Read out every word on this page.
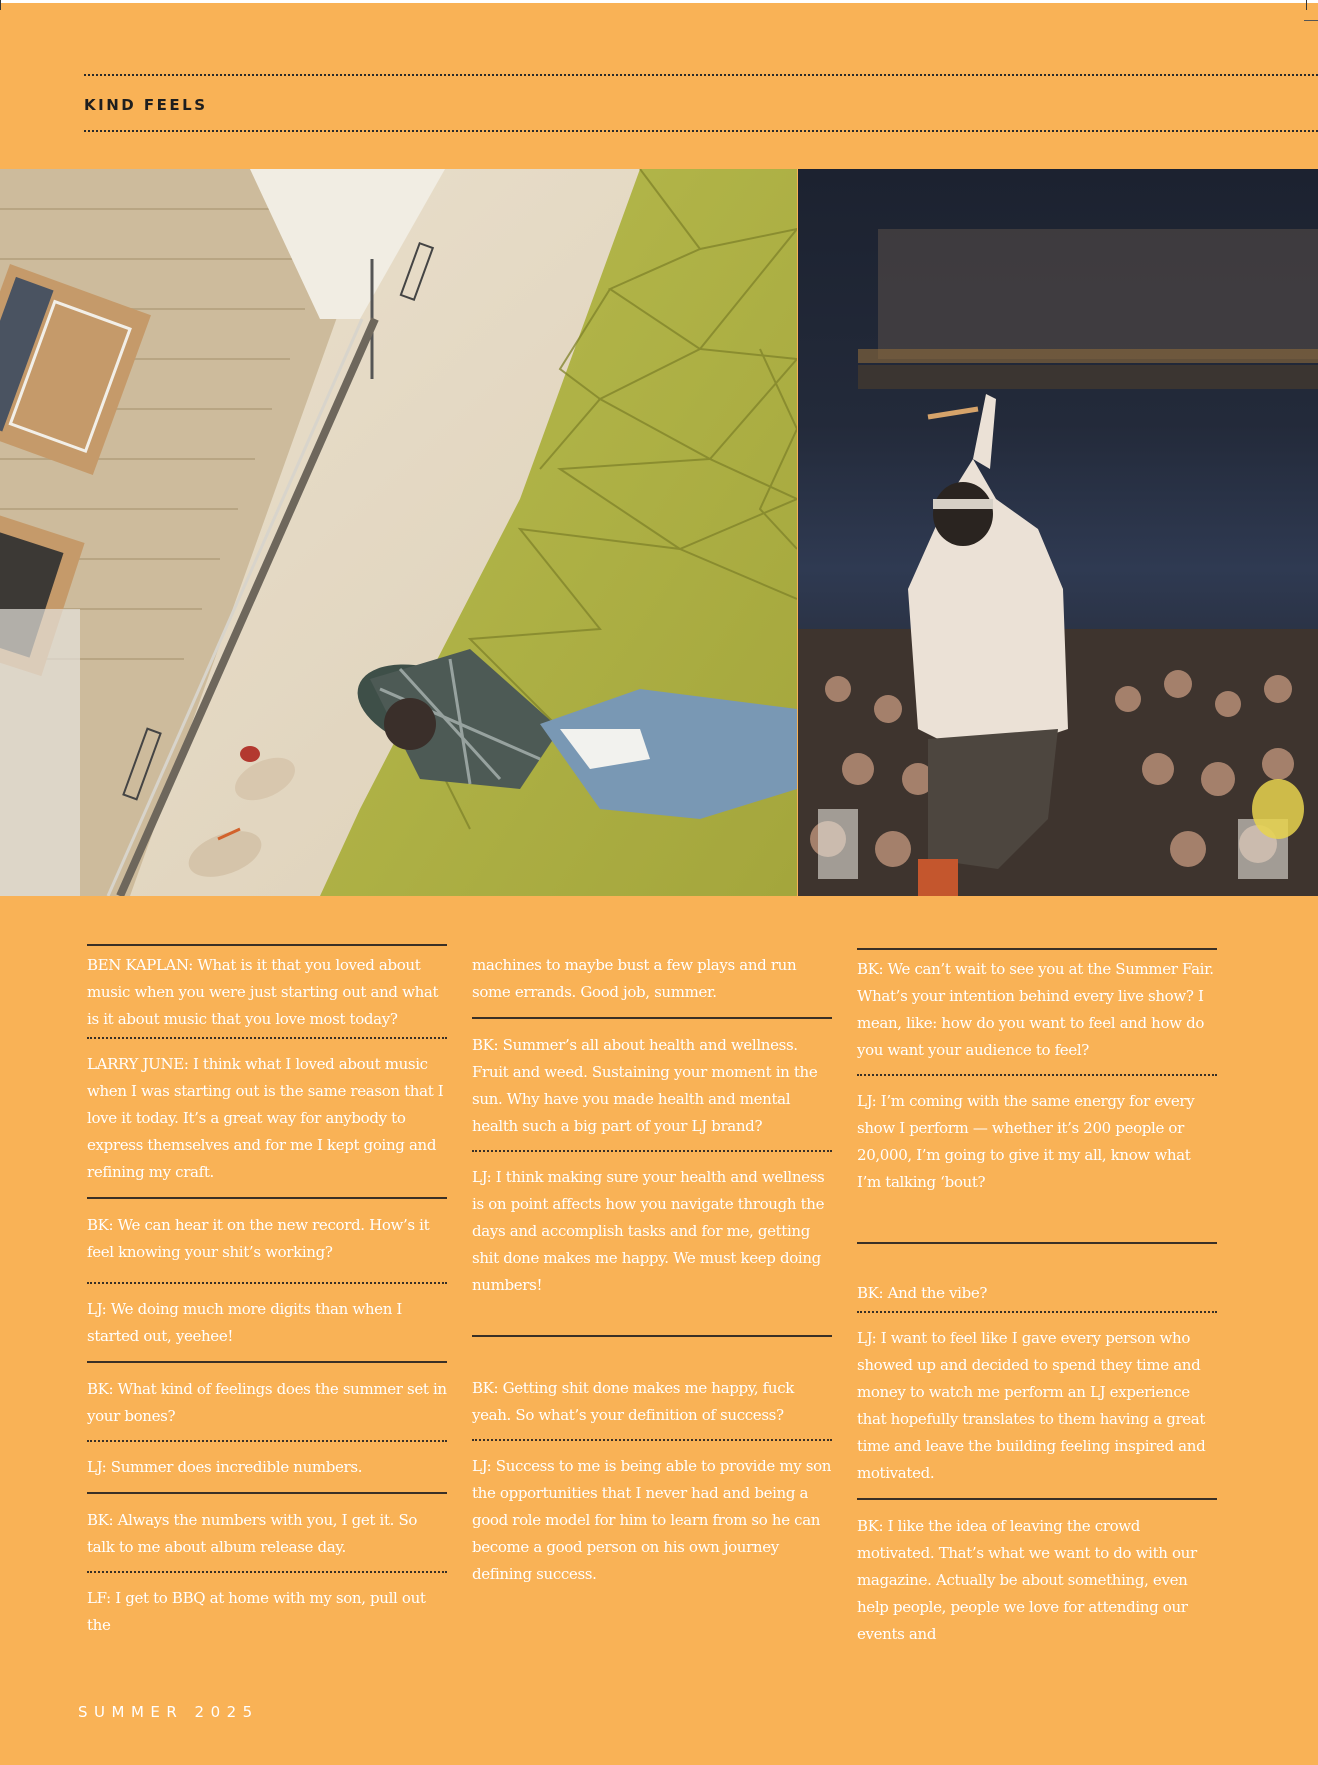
KIND FEELS

BEN KAPLAN: What is it that you loved about music when you were just starting out and what is it about music that you love most today?

LARRY JUNE: I think what I loved about music when I was starting out is the same reason that I love it today. It’s a great way for anybody to express themselves and for me I kept going and refining my craft.

BK: We can hear it on the new record. How’s it feel knowing your shit’s working?

LJ: We doing much more digits than when I started out, yeehee!

BK: What kind of feelings does the summer set in your bones?

LJ: Summer does incredible numbers.

BK: Always the numbers with you, I get it. So talk to me about album release day.

LF: I get to BBQ at home with my son, pull out the

machines to maybe bust a few plays and run some errands. Good job, summer.

BK: Summer’s all about health and wellness. Fruit and weed. Sustaining your moment in the sun. Why have you made health and mental health such a big part of your LJ brand?

LJ: I think making sure your health and wellness is on point affects how you navigate through the days and accomplish tasks and for me, getting shit done makes me happy. We must keep doing numbers!

BK: Getting shit done makes me happy, fuck yeah. So what’s your definition of success?

LJ: Success to me is being able to provide my son the opportunities that I never had and being a good role model for him to learn from so he can become a good person on his own journey defining success.

BK: We can’t wait to see you at the Summer Fair. What’s your intention behind every live show? I mean, like: how do you want to feel and how do you want your audience to feel?

LJ: I’m coming with the same energy for every show I perform — whether it’s 200 people or 20,000, I’m going to give it my all, know what I’m talking ‘bout?

BK: And the vibe?

LJ: I want to feel like I gave every person who showed up and decided to spend they time and money to watch me perform an LJ experience that hopefully translates to them having a great time and leave the building feeling inspired and motivated.

BK: I like the idea of leaving the crowd motivated. That’s what we want to do with our magazine. Actually be about something, even help people, people we love for attending our events and

SUMMER 2025
